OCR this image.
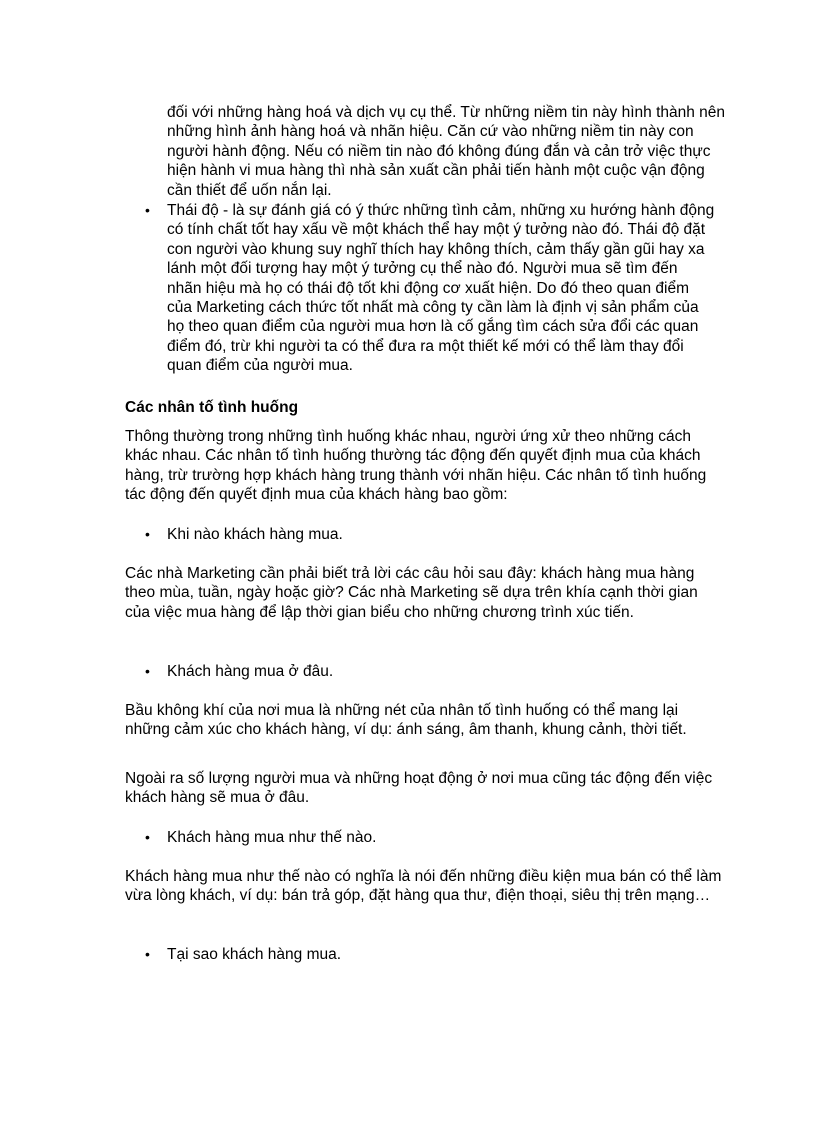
đối với những hàng hoá và dịch vụ cụ thể. Từ những niềm tin này hình thành nên những hình ảnh hàng hoá và nhãn hiệu. Căn cứ vào những niềm tin này con người hành động. Nếu có niềm tin nào đó không đúng đắn và cản trở việc thực hiện hành vi mua hàng thì nhà sản xuất cần phải tiến hành một cuộc vận động cần thiết để uốn nắn lại.

• Thái độ - là sự đánh giá có ý thức những tình cảm, những xu hướng hành động có tính chất tốt hay xấu về một khách thể hay một ý tưởng nào đó. Thái độ đặt con người vào khung suy nghĩ thích hay không thích, cảm thấy gần gũi hay xa lánh một đối tượng hay một ý tưởng cụ thể nào đó. Người mua sẽ tìm đến nhãn hiệu mà họ có thái độ tốt khi động cơ xuất hiện. Do đó theo quan điểm của Marketing cách thức tốt nhất mà công ty cần làm là định vị sản phẩm của họ theo quan điểm của người mua hơn là cố gắng tìm cách sửa đổi các quan điểm đó, trừ khi người ta có thể đưa ra một thiết kế mới có thể làm thay đổi quan điểm của người mua.

Các nhân tố tình huống

Thông thường trong những tình huống khác nhau, người ứng xử theo những cách khác nhau. Các nhân tố tình huống thường tác động đến quyết định mua của khách hàng, trừ trường hợp khách hàng trung thành với nhãn hiệu. Các nhân tố tình huống tác động đến quyết định mua của khách hàng bao gồm:

• Khi nào khách hàng mua.

Các nhà Marketing cần phải biết trả lời các câu hỏi sau đây: khách hàng mua hàng theo mùa, tuần, ngày hoặc giờ? Các nhà Marketing sẽ dựa trên khía cạnh thời gian của việc mua hàng để lập thời gian biểu cho những chương trình xúc tiến.

• Khách hàng mua ở đâu.

Bầu không khí của nơi mua là những nét của nhân tố tình huống có thể mang lại những cảm xúc cho khách hàng, ví dụ: ánh sáng, âm thanh, khung cảnh, thời tiết.

Ngoài ra số lượng người mua và những hoạt động ở nơi mua cũng tác động đến việc khách hàng sẽ mua ở đâu.

• Khách hàng mua như thế nào.

Khách hàng mua như thế nào có nghĩa là nói đến những điều kiện mua bán có thể làm vừa lòng khách, ví dụ: bán trả góp, đặt hàng qua thư, điện thoại, siêu thị trên mạng…

• Tại sao khách hàng mua.
